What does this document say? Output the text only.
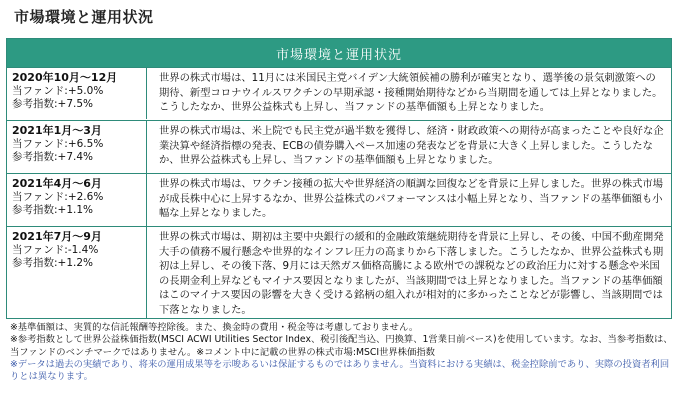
市場環境と運用状況
市場環境と運用状況
2020年10月～12月
当ファンド:+5.0%
参考指数:+7.5%
世界の株式市場は、11月には米国民主党バイデン大統領候補の勝利が確実となり、選挙後の景気刺激策への期待、新型コロナウイルスワクチンの早期承認・接種開始期待などから当期間を通しては上昇となりました。こうしたなか、世界公益株式も上昇し、当ファンドの基準価額も上昇となりました。
2021年1月～3月
当ファンド:+6.5%
参考指数:+7.4%
世界の株式市場は、米上院でも民主党が過半数を獲得し、経済・財政政策への期待が高まったことや良好な企業決算や経済指標の発表、ECBの債券購入ペース加速の発表などを背景に大きく上昇しました。こうしたなか、世界公益株式も上昇し、当ファンドの基準価額も上昇となりました。
2021年4月～6月
当ファンド:+2.6%
参考指数:+1.1%
世界の株式市場は、ワクチン接種の拡大や世界経済の順調な回復などを背景に上昇しました。世界の株式市場が成長株中心に上昇するなか、世界公益株式のパフォーマンスは小幅上昇となり、当ファンドの基準価額も小幅な上昇となりました。
2021年7月～9月
当ファンド:-1.4%
参考指数:+1.2%
世界の株式市場は、期初は主要中央銀行の緩和的金融政策継続期待を背景に上昇し、その後、中国不動産開発大手の債務不履行懸念や世界的なインフレ圧力の高まりから下落しました。こうしたなか、世界公益株式も期初は上昇し、その後下落、9月には天然ガス価格高騰による欧州での課税などの政治圧力に対する懸念や米国の長期金利上昇などもマイナス要因となりましたが、当該期間では上昇となりました。当ファンドの基準価額はこのマイナス要因の影響を大きく受ける銘柄の組入れが相対的に多かったことなどが影響し、当該期間では下落となりました。
※基準価額は、実質的な信託報酬等控除後。また、換金時の費用・税金等は考慮しておりません。
※参考指数として世界公益株価指数(MSCI ACWI Utilities Sector Index、税引後配当込、円換算、1営業日前ベース)を使用しています。なお、当参考指数は、当ファンドのベンチマークではありません。※コメント中に記載の世界の株式市場:MSCI世界株価指数
※データは過去の実績であり、将来の運用成果等を示唆あるいは保証するものではありません。当資料における実績は、税金控除前であり、実際の投資者利回りとは異なります。
